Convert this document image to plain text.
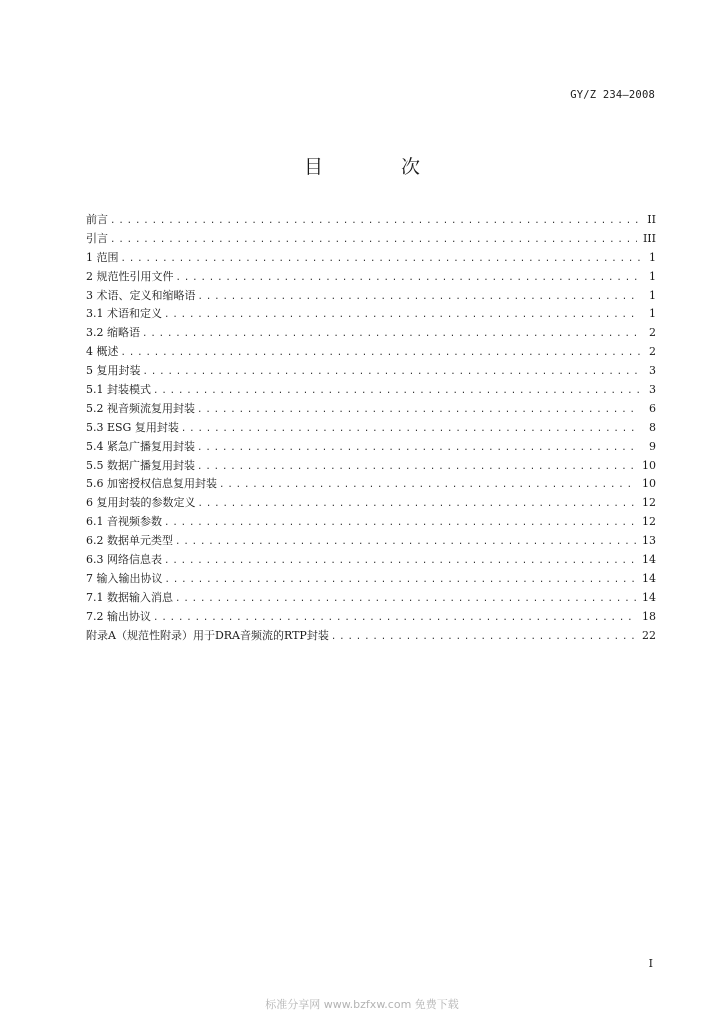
GY/Z 234—2008
目 次
前言 .....	II
引言 .....	III
1 范围 .....	1
2 规范性引用文件 .....	1
3 术语、定义和缩略语 .....	1
3.1 术语和定义 .....	1
3.2 缩略语 .....	2
4 概述 .....	2
5 复用封装 .....	3
5.1 封装模式 .....	3
5.2 视音频流复用封装 .....	6
5.3 ESG 复用封装 .....	8
5.4 紧急广播复用封装 .....	9
5.5 数据广播复用封装 .....	10
5.6 加密授权信息复用封装 .....	10
6 复用封装的参数定义 .....	12
6.1 音视频参数 .....	12
6.2 数据单元类型 .....	13
6.3 网络信息表 .....	14
7 输入输出协议 .....	14
7.1 数据输入消息 .....	14
7.2 输出协议 .....	18
附录A（规范性附录）用于DRA音频流的RTP封装 .....	22
I
标准分享网 www.bzfxw.com 免费下载
